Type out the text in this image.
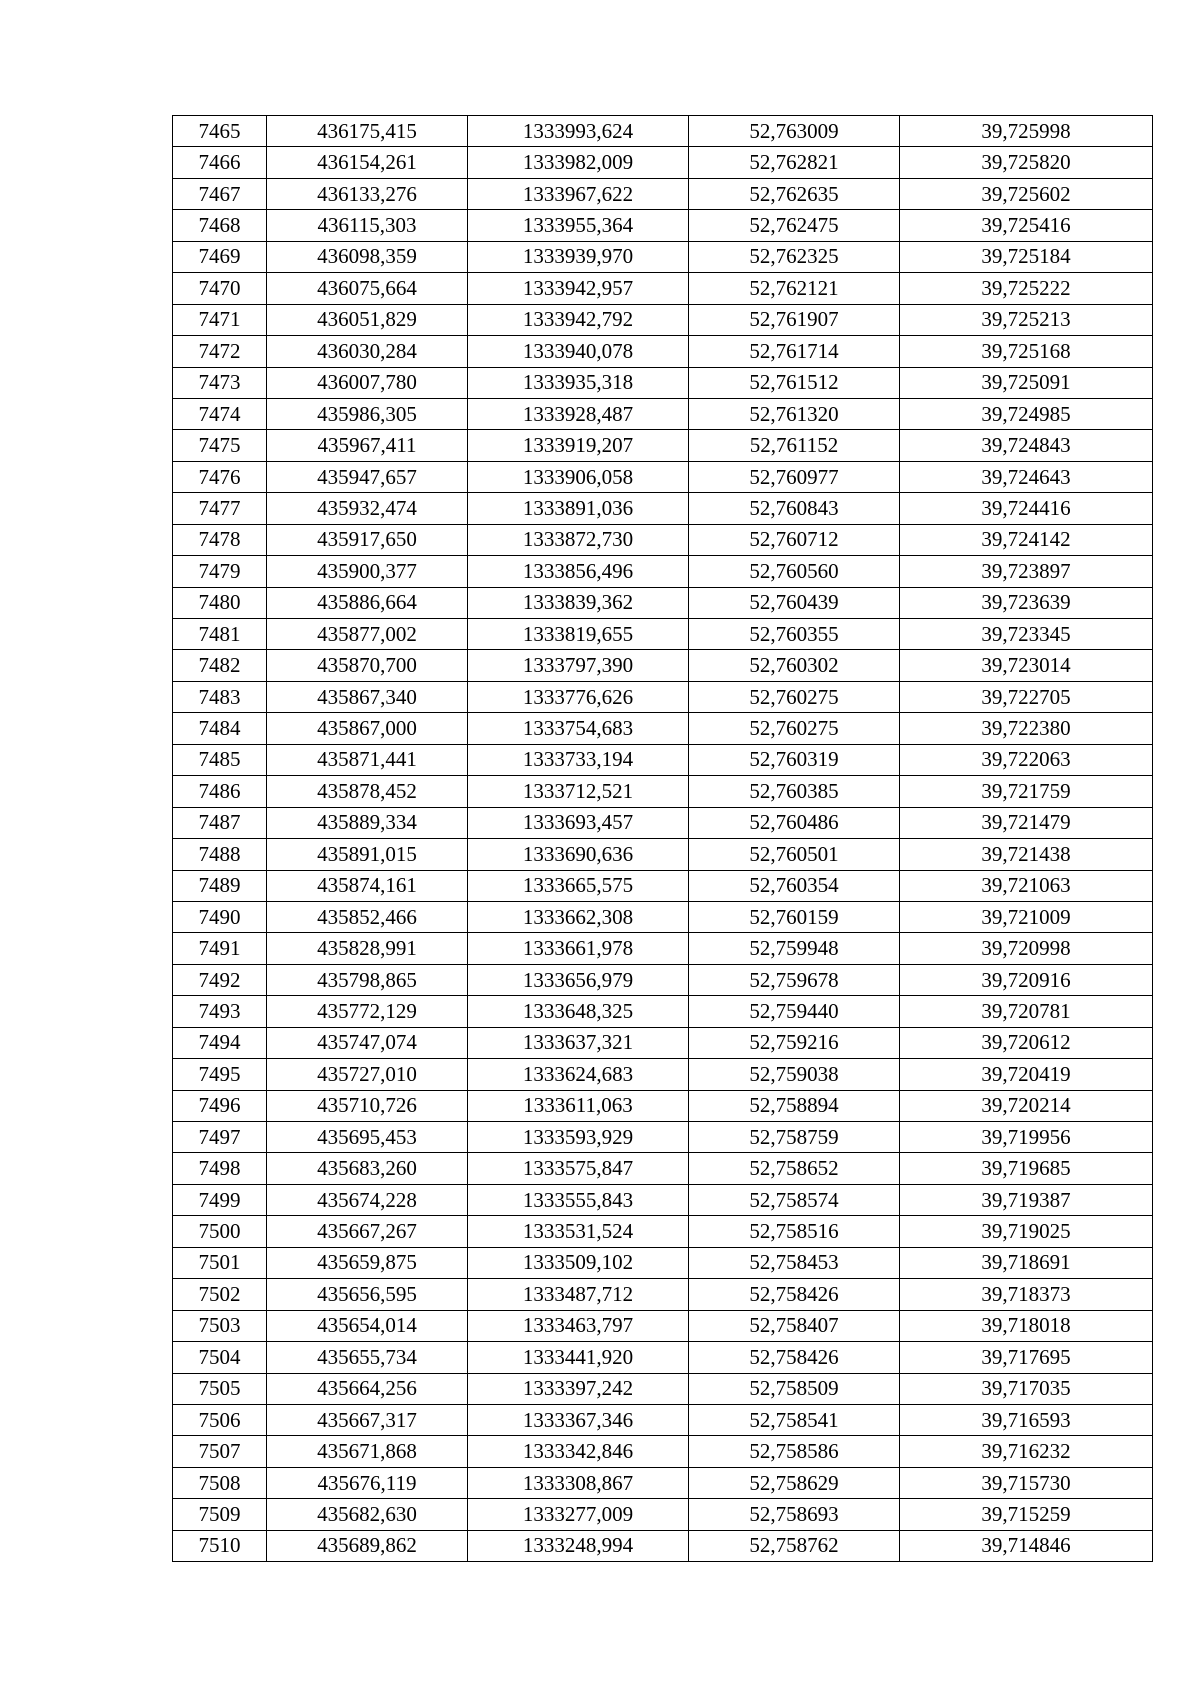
7465	436175,415	1333993,624	52,763009	39,725998
7466	436154,261	1333982,009	52,762821	39,725820
7467	436133,276	1333967,622	52,762635	39,725602
7468	436115,303	1333955,364	52,762475	39,725416
7469	436098,359	1333939,970	52,762325	39,725184
7470	436075,664	1333942,957	52,762121	39,725222
7471	436051,829	1333942,792	52,761907	39,725213
7472	436030,284	1333940,078	52,761714	39,725168
7473	436007,780	1333935,318	52,761512	39,725091
7474	435986,305	1333928,487	52,761320	39,724985
7475	435967,411	1333919,207	52,761152	39,724843
7476	435947,657	1333906,058	52,760977	39,724643
7477	435932,474	1333891,036	52,760843	39,724416
7478	435917,650	1333872,730	52,760712	39,724142
7479	435900,377	1333856,496	52,760560	39,723897
7480	435886,664	1333839,362	52,760439	39,723639
7481	435877,002	1333819,655	52,760355	39,723345
7482	435870,700	1333797,390	52,760302	39,723014
7483	435867,340	1333776,626	52,760275	39,722705
7484	435867,000	1333754,683	52,760275	39,722380
7485	435871,441	1333733,194	52,760319	39,722063
7486	435878,452	1333712,521	52,760385	39,721759
7487	435889,334	1333693,457	52,760486	39,721479
7488	435891,015	1333690,636	52,760501	39,721438
7489	435874,161	1333665,575	52,760354	39,721063
7490	435852,466	1333662,308	52,760159	39,721009
7491	435828,991	1333661,978	52,759948	39,720998
7492	435798,865	1333656,979	52,759678	39,720916
7493	435772,129	1333648,325	52,759440	39,720781
7494	435747,074	1333637,321	52,759216	39,720612
7495	435727,010	1333624,683	52,759038	39,720419
7496	435710,726	1333611,063	52,758894	39,720214
7497	435695,453	1333593,929	52,758759	39,719956
7498	435683,260	1333575,847	52,758652	39,719685
7499	435674,228	1333555,843	52,758574	39,719387
7500	435667,267	1333531,524	52,758516	39,719025
7501	435659,875	1333509,102	52,758453	39,718691
7502	435656,595	1333487,712	52,758426	39,718373
7503	435654,014	1333463,797	52,758407	39,718018
7504	435655,734	1333441,920	52,758426	39,717695
7505	435664,256	1333397,242	52,758509	39,717035
7506	435667,317	1333367,346	52,758541	39,716593
7507	435671,868	1333342,846	52,758586	39,716232
7508	435676,119	1333308,867	52,758629	39,715730
7509	435682,630	1333277,009	52,758693	39,715259
7510	435689,862	1333248,994	52,758762	39,714846
